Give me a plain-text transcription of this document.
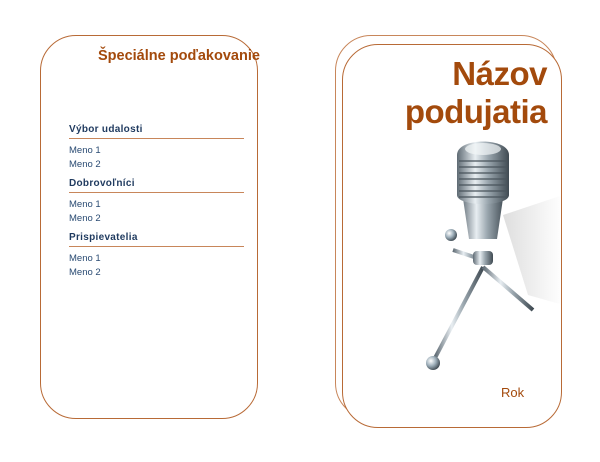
Špeciálne poďakovanie
Výbor udalosti
Meno 1
Meno 2
Dobrovoľníci
Meno 1
Meno 2
Prispievatelia
Meno 1
Meno 2
Názov
podujatia
Rok
